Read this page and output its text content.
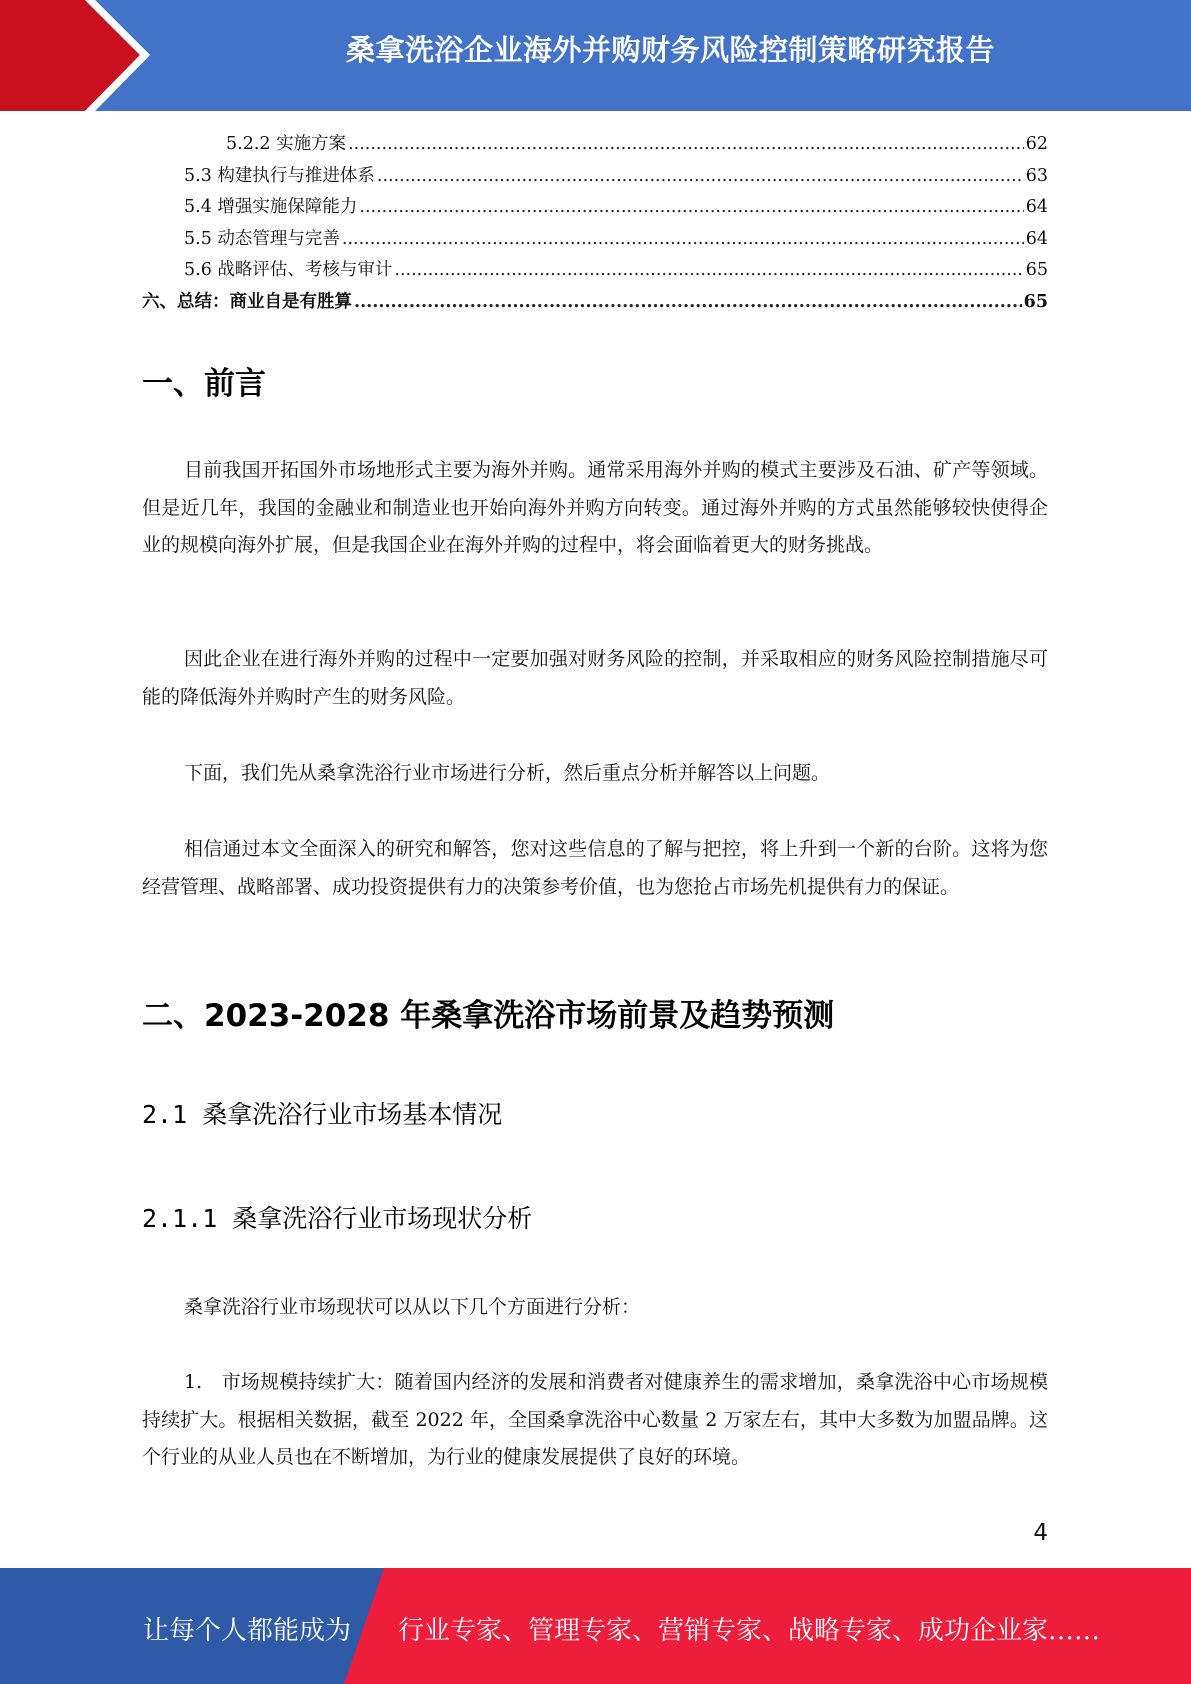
桑拿洗浴企业海外并购财务风险控制策略研究报告
5.2.2 实施方案 .....	62
5.3 构建执行与推进体系 .....	63
5.4 增强实施保障能力 .....	64
5.5 动态管理与完善 .....	64
5.6 战略评估、考核与审计 .....	65
六、总结：商业自是有胜算 .....	65
一、前言
目前我国开拓国外市场地形式主要为海外并购。通常采用海外并购的模式主要涉及石油、矿产等领域。但是近几年，我国的金融业和制造业也开始向海外并购方向转变。通过海外并购的方式虽然能够较快使得企业的规模向海外扩展，但是我国企业在海外并购的过程中，将会面临着更大的财务挑战。
因此企业在进行海外并购的过程中一定要加强对财务风险的控制，并采取相应的财务风险控制措施尽可能的降低海外并购时产生的财务风险。
下面，我们先从桑拿洗浴行业市场进行分析，然后重点分析并解答以上问题。
相信通过本文全面深入的研究和解答，您对这些信息的了解与把控，将上升到一个新的台阶。这将为您经营管理、战略部署、成功投资提供有力的决策参考价值，也为您抢占市场先机提供有力的保证。
二、2023-2028 年桑拿洗浴市场前景及趋势预测
2.1 桑拿洗浴行业市场基本情况
2.1.1 桑拿洗浴行业市场现状分析
桑拿洗浴行业市场现状可以从以下几个方面进行分析：
1.　市场规模持续扩大：随着国内经济的发展和消费者对健康养生的需求增加，桑拿洗浴中心市场规模持续扩大。根据相关数据，截至 2022 年，全国桑拿洗浴中心数量 2 万家左右，其中大多数为加盟品牌。这个行业的从业人员也在不断增加，为行业的健康发展提供了良好的环境。
4
让每个人都能成为 行业专家、管理专家、营销专家、战略专家、成功企业家……
